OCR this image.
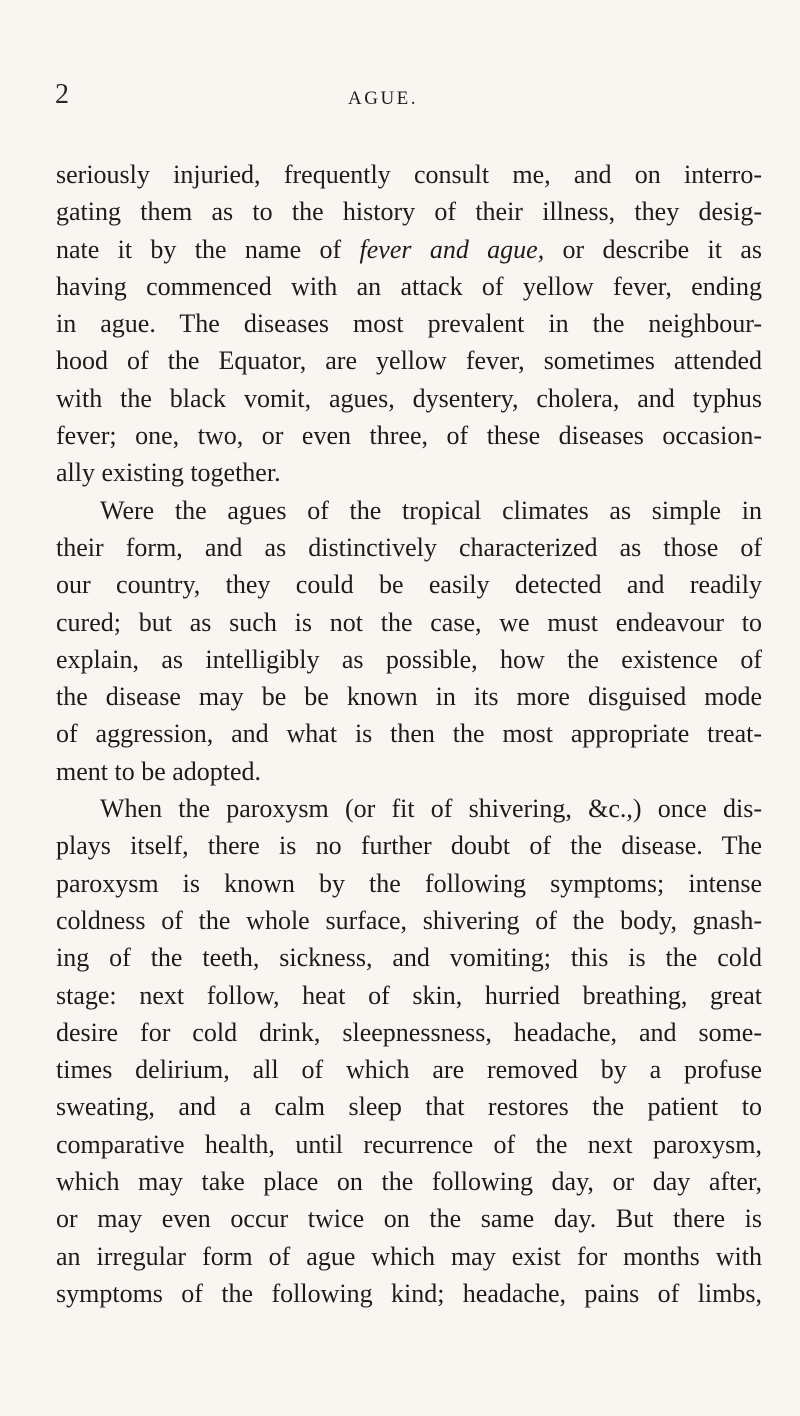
2	AGUE.
seriously injuried, frequently consult me, and on interro-
gating them as to the history of their illness, they desig-
nate it by the name of fever and ague, or describe it as
having commenced with an attack of yellow fever, ending
in ague. The diseases most prevalent in the neighbour-
hood of the Equator, are yellow fever, sometimes attended
with the black vomit, agues, dysentery, cholera, and typhus
fever; one, two, or even three, of these diseases occasion-
ally existing together.
Were the agues of the tropical climates as simple in
their form, and as distinctively characterized as those of
our country, they could be easily detected and readily
cured; but as such is not the case, we must endeavour to
explain, as intelligibly as possible, how the existence of
the disease may be be known in its more disguised mode
of aggression, and what is then the most appropriate treat-
ment to be adopted.
When the paroxysm (or fit of shivering, &c.,) once dis-
plays itself, there is no further doubt of the disease. The
paroxysm is known by the following symptoms; intense
coldness of the whole surface, shivering of the body, gnash-
ing of the teeth, sickness, and vomiting; this is the cold
stage: next follow, heat of skin, hurried breathing, great
desire for cold drink, sleepnessness, headache, and some-
times delirium, all of which are removed by a profuse
sweating, and a calm sleep that restores the patient to
comparative health, until recurrence of the next paroxysm,
which may take place on the following day, or day after,
or may even occur twice on the same day. But there is
an irregular form of ague which may exist for months with
symptoms of the following kind; headache, pains of limbs,
